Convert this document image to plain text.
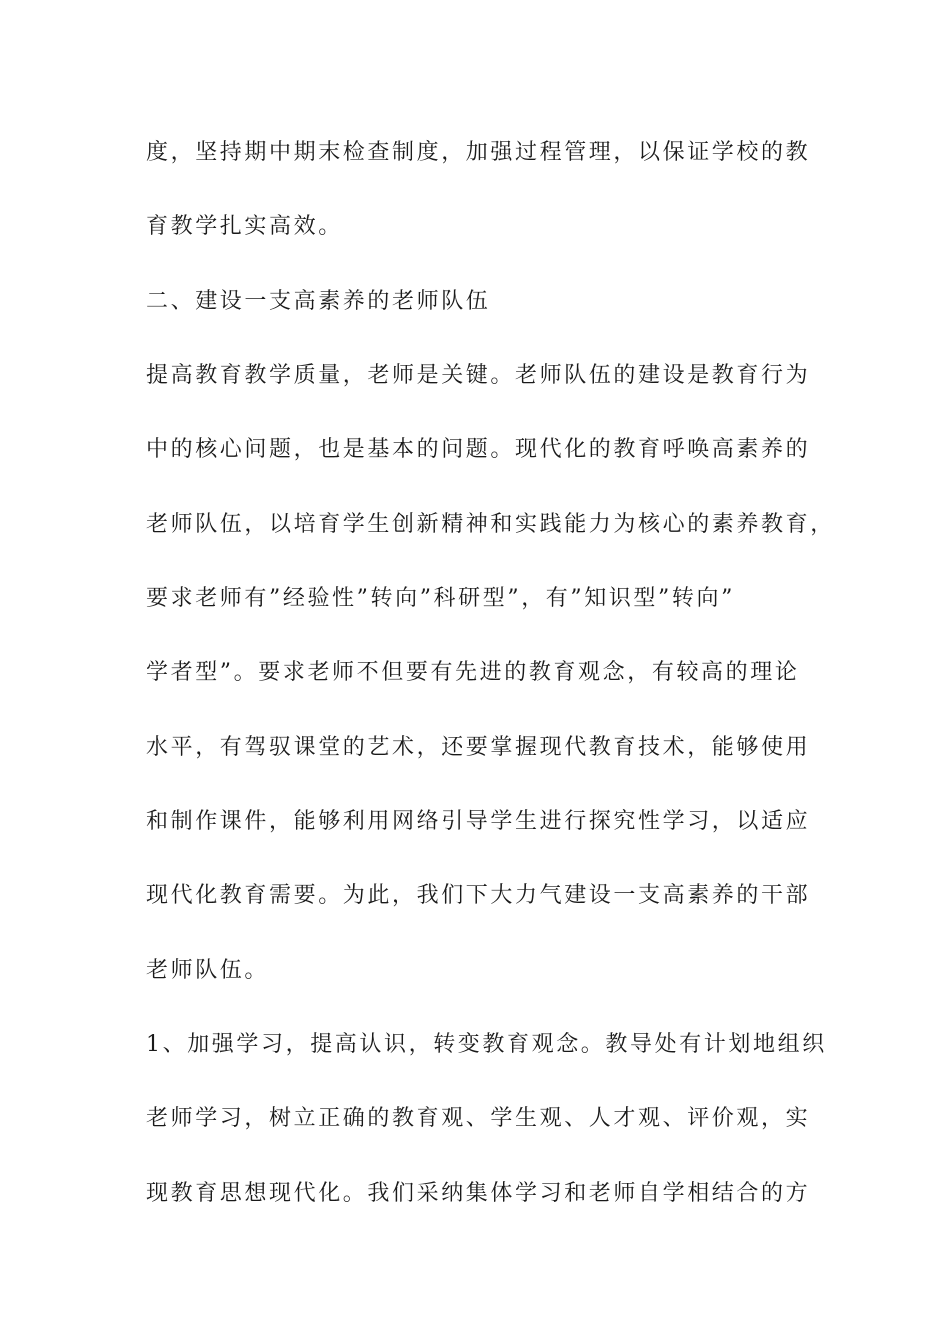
度，坚持期中期末检查制度，加强过程管理，以保证学校的教
育教学扎实高效。
二、建设一支高素养的老师队伍
提高教育教学质量，老师是关键。老师队伍的建设是教育行为
中的核心问题，也是基本的问题。现代化的教育呼唤高素养的
老师队伍，以培育学生创新精神和实践能力为核心的素养教育，
要求老师有”经验性”转向”科研型”，有”知识型”转向”
学者型”。要求老师不但要有先进的教育观念，有较高的理论
水平，有驾驭课堂的艺术，还要掌握现代教育技术，能够使用
和制作课件，能够利用网络引导学生进行探究性学习，以适应
现代化教育需要。为此，我们下大力气建设一支高素养的干部
老师队伍。
1、加强学习，提高认识，转变教育观念。教导处有计划地组织
老师学习，树立正确的教育观、学生观、人才观、评价观，实
现教育思想现代化。我们采纳集体学习和老师自学相结合的方
